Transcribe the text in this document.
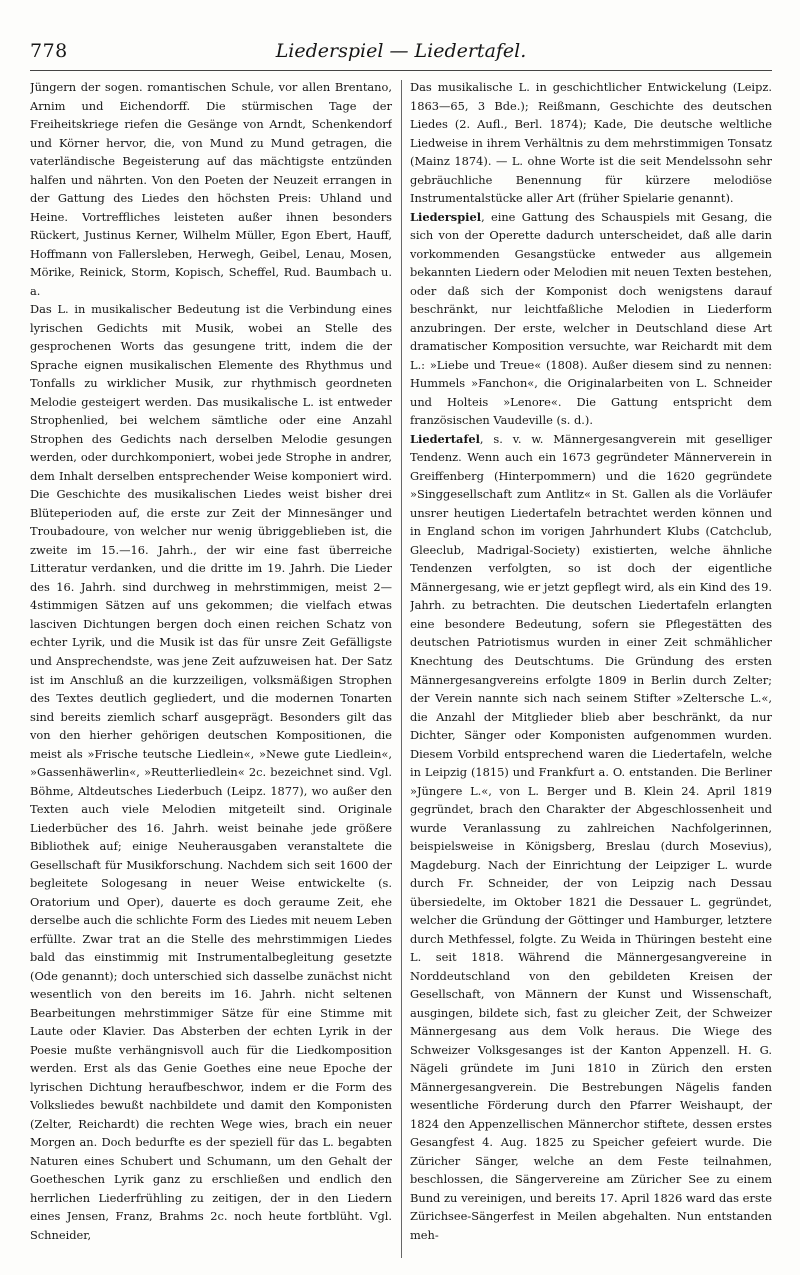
778	Liederspiel — Liedertafel.

Jüngern der sogen. romantischen Schule, vor allen Brentano, Arnim und Eichendorff. Die stürmischen Tage der Freiheitskriege riefen die Gesänge von Arndt, Schenkendorf und Körner hervor, die, von Mund zu Mund getragen, die vaterländische Begeisterung auf das mächtigste entzünden halfen und nährten. Von den Poeten der Neuzeit errangen in der Gattung des Liedes den höchsten Preis: Uhland und Heine. Vortreffliches leisteten außer ihnen besonders Rückert, Justinus Kerner, Wilhelm Müller, Egon Ebert, Hauff, Hoffmann von Fallersleben, Herwegh, Geibel, Lenau, Mosen, Mörike, Reinick, Storm, Kopisch, Scheffel, Rud. Baumbach u. a.

Das L. in musikalischer Bedeutung ist die Verbindung eines lyrischen Gedichts mit Musik, wobei an Stelle des gesprochenen Worts das gesungene tritt, indem die der Sprache eignen musikalischen Elemente des Rhythmus und Tonfalls zu wirklicher Musik, zur rhythmisch geordneten Melodie gesteigert werden. Das musikalische L. ist entweder Strophenlied, bei welchem sämtliche oder eine Anzahl Strophen des Gedichts nach derselben Melodie gesungen werden, oder durchkomponiert, wobei jede Strophe in andrer, dem Inhalt derselben entsprechender Weise komponiert wird. Die Geschichte des musikalischen Liedes weist bisher drei Blüteperioden auf, die erste zur Zeit der Minnesänger und Troubadoure, von welcher nur wenig übriggeblieben ist, die zweite im 15.—16. Jahrh., der wir eine fast überreiche Litteratur verdanken, und die dritte im 19. Jahrh. Die Lieder des 16. Jahrh. sind durchweg in mehrstimmigen, meist 2—4stimmigen Sätzen auf uns gekommen; die vielfach etwas lasciven Dichtungen bergen doch einen reichen Schatz von echter Lyrik, und die Musik ist das für unsre Zeit Gefälligste und Ansprechendste, was jene Zeit aufzuweisen hat. Der Satz ist im Anschluß an die kurzzeiligen, volksmäßigen Strophen des Textes deutlich gegliedert, und die modernen Tonarten sind bereits ziemlich scharf ausgeprägt. Besonders gilt das von den hierher gehörigen deutschen Kompositionen, die meist als »Frische teutsche Liedlein«, »Newe gute Liedlein«, »Gassenhäwerlin«, »Reutterliedlein« 2c. bezeichnet sind. Vgl. Böhme, Altdeutsches Liederbuch (Leipz. 1877), wo außer den Texten auch viele Melodien mitgeteilt sind. Originale Liederbücher des 16. Jahrh. weist beinahe jede größere Bibliothek auf; einige Neuherausgaben veranstaltete die Gesellschaft für Musikforschung. Nachdem sich seit 1600 der begleitete Sologesang in neuer Weise entwickelte (s. Oratorium und Oper), dauerte es doch geraume Zeit, ehe derselbe auch die schlichte Form des Liedes mit neuem Leben erfüllte. Zwar trat an die Stelle des mehrstimmigen Liedes bald das einstimmig mit Instrumentalbegleitung gesetzte (Ode genannt); doch unterschied sich dasselbe zunächst nicht wesentlich von den bereits im 16. Jahrh. nicht seltenen Bearbeitungen mehrstimmiger Sätze für eine Stimme mit Laute oder Klavier. Das Absterben der echten Lyrik in der Poesie mußte verhängnisvoll auch für die Liedkomposition werden. Erst als das Genie Goethes eine neue Epoche der lyrischen Dichtung heraufbeschwor, indem er die Form des Volksliedes bewußt nachbildete und damit den Komponisten (Zelter, Reichardt) die rechten Wege wies, brach ein neuer Morgen an. Doch bedurfte es der speziell für das L. begabten Naturen eines Schubert und Schumann, um den Gehalt der Goetheschen Lyrik ganz zu erschließen und endlich den herrlichen Liederfrühling zu zeitigen, der in den Liedern eines Jensen, Franz, Brahms 2c. noch heute fortblüht. Vgl. Schneider,

Das musikalische L. in geschichtlicher Entwickelung (Leipz. 1863—65, 3 Bde.); Reißmann, Geschichte des deutschen Liedes (2. Aufl., Berl. 1874); Kade, Die deutsche weltliche Liedweise in ihrem Verhältnis zu dem mehrstimmigen Tonsatz (Mainz 1874). — L. ohne Worte ist die seit Mendelssohn sehr gebräuchliche Benennung für kürzere melodiöse Instrumentalstücke aller Art (früher Spielarie genannt).

Liederspiel, eine Gattung des Schauspiels mit Gesang, die sich von der Operette dadurch unterscheidet, daß alle darin vorkommenden Gesangstücke entweder aus allgemein bekannten Liedern oder Melodien mit neuen Texten bestehen, oder daß sich der Komponist doch wenigstens darauf beschränkt, nur leichtfaßliche Melodien in Liederform anzubringen. Der erste, welcher in Deutschland diese Art dramatischer Komposition versuchte, war Reichardt mit dem L.: »Liebe und Treue« (1808). Außer diesem sind zu nennen: Hummels »Fanchon«, die Originalarbeiten von L. Schneider und Holteis »Lenore«. Die Gattung entspricht dem französischen Vaudeville (s. d.).

Liedertafel, s. v. w. Männergesangverein mit geselliger Tendenz. Wenn auch ein 1673 gegründeter Männerverein in Greiffenberg (Hinterpommern) und die 1620 gegründete »Singgesellschaft zum Antlitz« in St. Gallen als die Vorläufer unsrer heutigen Liedertafeln betrachtet werden können und in England schon im vorigen Jahrhundert Klubs (Catchclub, Gleeclub, Madrigal-Society) existierten, welche ähnliche Tendenzen verfolgten, so ist doch der eigentliche Männergesang, wie er jetzt gepflegt wird, als ein Kind des 19. Jahrh. zu betrachten. Die deutschen Liedertafeln erlangten eine besondere Bedeutung, sofern sie Pflegestätten des deutschen Patriotismus wurden in einer Zeit schmählicher Knechtung des Deutschtums. Die Gründung des ersten Männergesangvereins erfolgte 1809 in Berlin durch Zelter; der Verein nannte sich nach seinem Stifter »Zeltersche L.«, die Anzahl der Mitglieder blieb aber beschränkt, da nur Dichter, Sänger oder Komponisten aufgenommen wurden. Diesem Vorbild entsprechend waren die Liedertafeln, welche in Leipzig (1815) und Frankfurt a. O. entstanden. Die Berliner »Jüngere L.«, von L. Berger und B. Klein 24. April 1819 gegründet, brach den Charakter der Abgeschlossenheit und wurde Veranlassung zu zahlreichen Nachfolgerinnen, beispielsweise in Königsberg, Breslau (durch Mosevius), Magdeburg. Nach der Einrichtung der Leipziger L. wurde durch Fr. Schneider, der von Leipzig nach Dessau übersiedelte, im Oktober 1821 die Dessauer L. gegründet, welcher die Gründung der Göttinger und Hamburger, letztere durch Methfessel, folgte. Zu Weida in Thüringen besteht eine L. seit 1818. Während die Männergesangvereine in Norddeutschland von den gebildeten Kreisen der Gesellschaft, von Männern der Kunst und Wissenschaft, ausgingen, bildete sich, fast zu gleicher Zeit, der Schweizer Männergesang aus dem Volk heraus. Die Wiege des Schweizer Volksgesanges ist der Kanton Appenzell. H. G. Nägeli gründete im Juni 1810 in Zürich den ersten Männergesangverein. Die Bestrebungen Nägelis fanden wesentliche Förderung durch den Pfarrer Weishaupt, der 1824 den Appenzellischen Männerchor stiftete, dessen erstes Gesangfest 4. Aug. 1825 zu Speicher gefeiert wurde. Die Züricher Sänger, welche an dem Feste teilnahmen, beschlossen, die Sängervereine am Züricher See zu einem Bund zu vereinigen, und bereits 17. April 1826 ward das erste Zürichsee-Sängerfest in Meilen abgehalten. Nun entstanden meh-
